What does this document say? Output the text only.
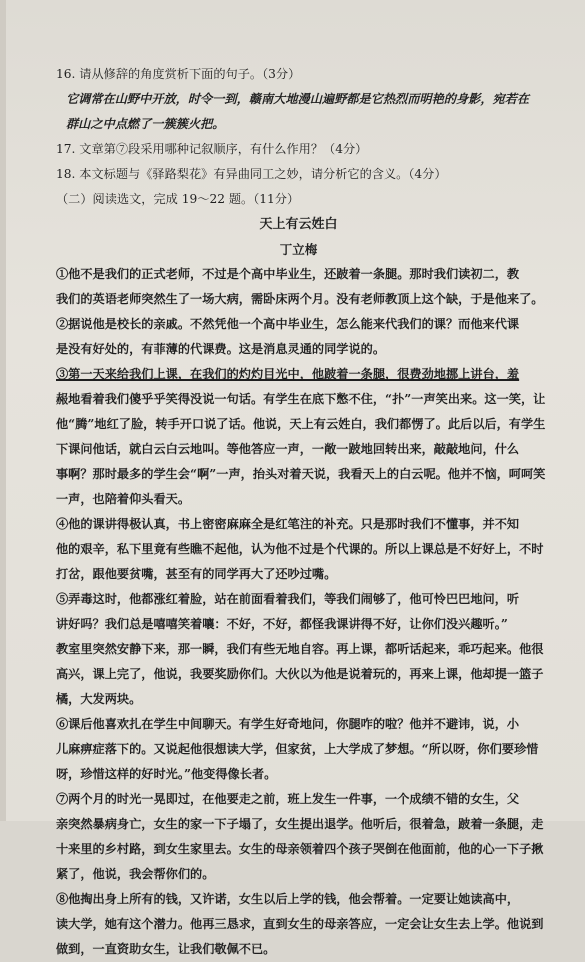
16. 请从修辞的角度赏析下面的句子。（3分）

它调常在山野中开放，时令一到，赣南大地漫山遍野都是它热烈而明艳的身影，宛若在

群山之中点燃了一簇簇火把。

17. 文章第⑦段采用哪种记叙顺序，有什么作用？（4分）

18. 本文标题与《驿路梨花》有异曲同工之妙，请分析它的含义。（4分）

（二）阅读选文，完成 19～22 题。（11分）

天上有云姓白

丁立梅

①他不是我们的正式老师，不过是个高中毕业生，还跛着一条腿。那时我们读初二，教

我们的英语老师突然生了一场大病，需卧床两个月。没有老师教顶上这个缺，于是他来了。

②据说他是校长的亲戚。不然凭他一个高中毕业生，怎么能来代我们的课？而他来代课

是没有好处的，有菲薄的代课费。这是消息灵通的同学说的。

③第一天来给我们上课，在我们的灼灼目光中，他跛着一条腿，很费劲地挪上讲台，羞

赧地看着我们傻乎乎笑得没说一句话。有学生在底下憋不住，“扑”一声笑出来。这一笑，让

他“腾”地红了脸，转手开口说了话。他说，天上有云姓白，我们都愣了。此后以后，有学生

下课问他话，就白云白云地叫。等他答应一声，一敞一跛地回转出来，敲敲地问，什么

事啊？那时最多的学生会“啊”一声，抬头对着天说，我看天上的白云呢。他并不恼，呵呵笑

一声，也陪着仰头看天。

④他的课讲得极认真，书上密密麻麻全是红笔注的补充。只是那时我们不懂事，并不知

他的艰辛，私下里竟有些瞧不起他，认为他不过是个代课的。所以上课总是不好好上，不时

打岔，跟他要贫嘴，甚至有的同学再大了还吵过嘴。

⑤弄毒这时，他都涨红着脸，站在前面看着我们，等我们闹够了，他可怜巴巴地问，听

讲好吗？我们总是嘻嘻笑着嚷：不好，不好，都怪我课讲得不好，让你们没兴趣听。”

教室里突然安静下来，那一瞬，我们有些无地自容。再上课，都听话起来，乖巧起来。他很

高兴，课上完了，他说，我要奖励你们。大伙以为他是说着玩的，再来上课，他却提一篮子

橘，大发两块。

⑥课后他喜欢扎在学生中间聊天。有学生好奇地问，你腿咋的啦？他并不避讳，说，小

儿麻痹症落下的。又说起他很想读大学，但家贫，上大学成了梦想。“所以呀，你们要珍惜

呀，珍惜这样的好时光。”他变得像长者。

⑦两个月的时光一晃即过，在他要走之前，班上发生一件事，一个成绩不错的女生，父

亲突然暴病身亡，女生的家一下子塌了，女生提出退学。他听后，很着急，跛着一条腿，走

十来里的乡村路，到女生家里去。女生的母亲领着四个孩子哭倒在他面前，他的心一下子揪

紧了，他说，我会帮你们的。

⑧他掏出身上所有的钱，又许诺，女生以后上学的钱，他会帮着。一定要让她读高中，

读大学，她有这个潜力。他再三恳求，直到女生的母亲答应，一定会让女生去上学。他说到

做到，一直资助女生，让我们敬佩不已。
